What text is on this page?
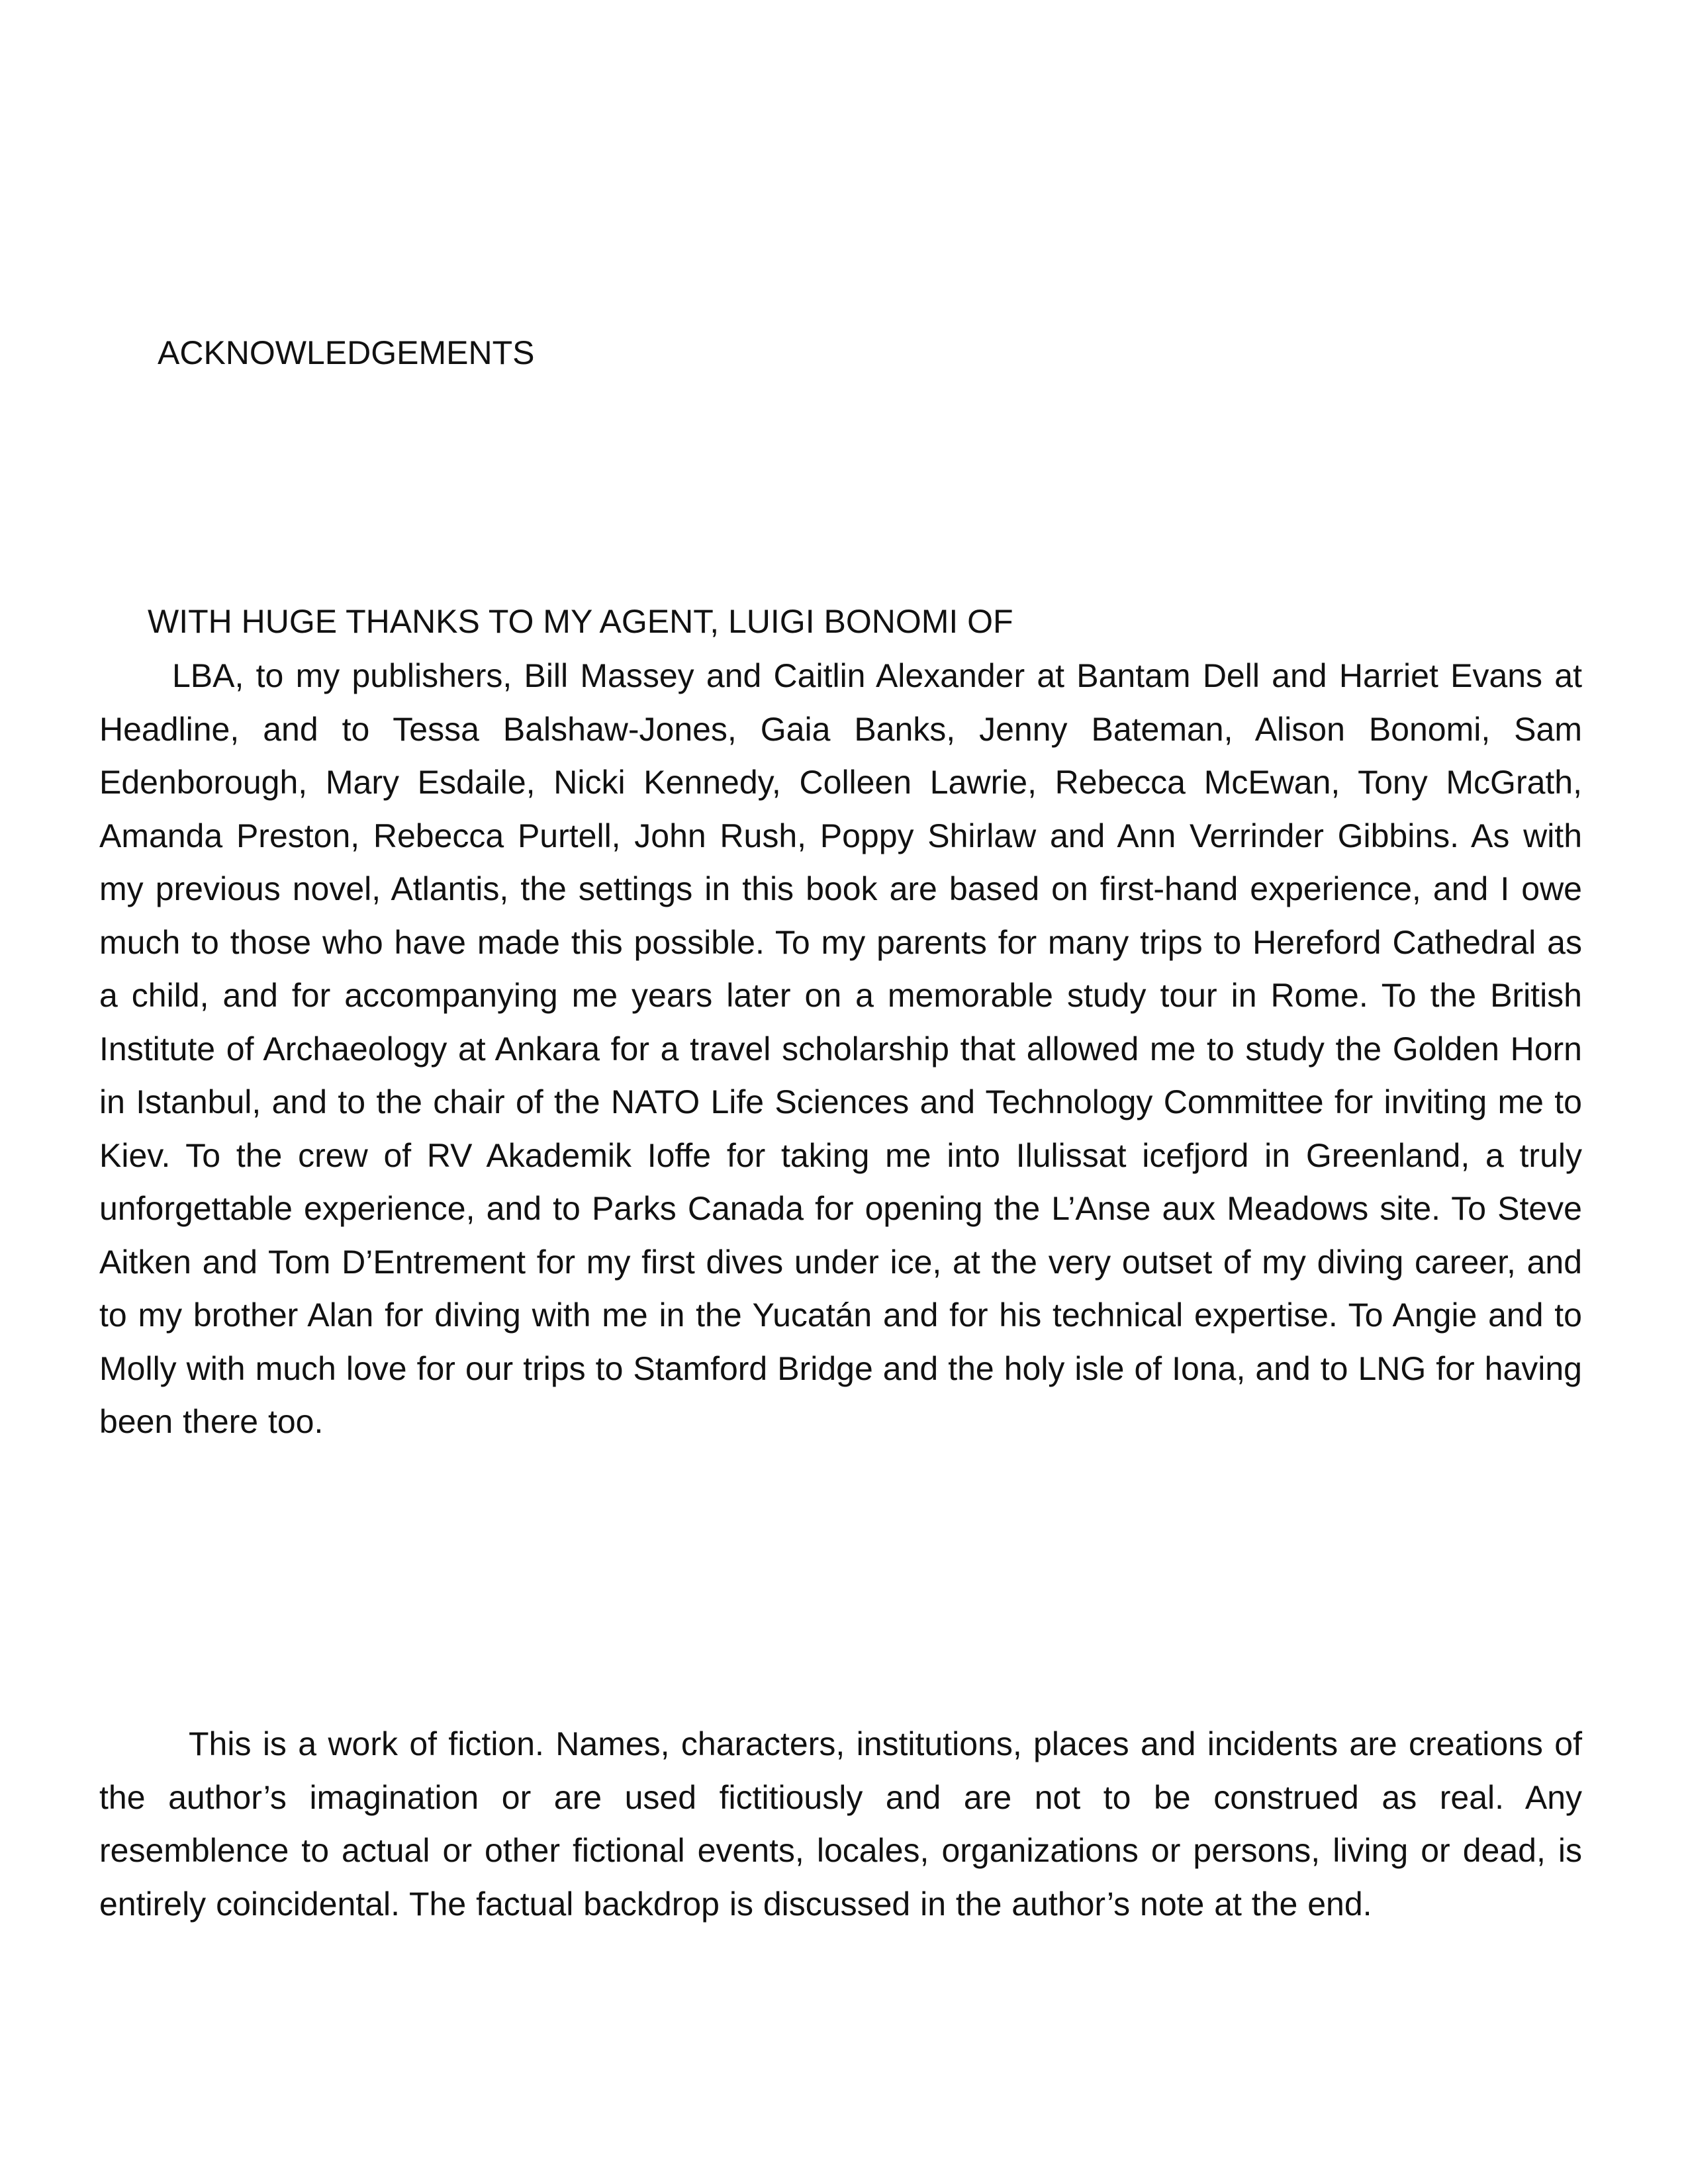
ACKNOWLEDGEMENTS
WITH HUGE THANKS TO MY AGENT, LUIGI BONOMI OF

LBA, to my publishers, Bill Massey and Caitlin Alexander at Bantam Dell and Harriet Evans at Headline, and to Tessa Balshaw-Jones, Gaia Banks, Jenny Bateman, Alison Bonomi, Sam Edenborough, Mary Esdaile, Nicki Kennedy, Colleen Lawrie, Rebecca McEwan, Tony McGrath, Amanda Preston, Rebecca Purtell, John Rush, Poppy Shirlaw and Ann Verrinder Gibbins. As with my previous novel, Atlantis, the settings in this book are based on first-hand experience, and I owe much to those who have made this possible. To my parents for many trips to Hereford Cathedral as a child, and for accompanying me years later on a memorable study tour in Rome. To the British Institute of Archaeology at Ankara for a travel scholarship that allowed me to study the Golden Horn in Istanbul, and to the chair of the NATO Life Sciences and Technology Committee for inviting me to Kiev. To the crew of RV Akademik Ioffe for taking me into Ilulissat icefjord in Greenland, a truly unforgettable experience, and to Parks Canada for opening the L’Anse aux Meadows site. To Steve Aitken and Tom D’Entrement for my first dives under ice, at the very outset of my diving career, and to my brother Alan for diving with me in the Yucatán and for his technical expertise. To Angie and to Molly with much love for our trips to Stamford Bridge and the holy isle of Iona, and to LNG for having been there too.

This is a work of fiction. Names, characters, institutions, places and incidents are creations of the author’s imagination or are used fictitiously and are not to be construed as real. Any resemblence to actual or other fictional events, locales, organizations or persons, living or dead, is entirely coincidental. The factual backdrop is discussed in the author’s note at the end.
